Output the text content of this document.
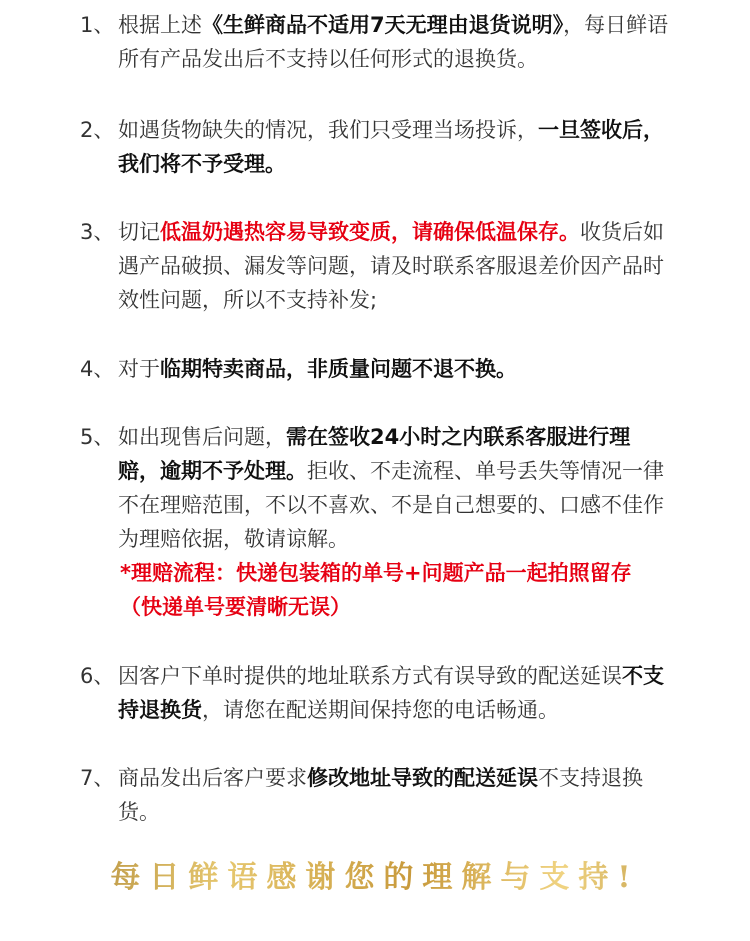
1、 根据上述《生鲜商品不适用7天无理由退货说明》，每日鲜语所有产品发出后不支持以任何形式的退换货。
2、 如遇货物缺失的情况，我们只受理当场投诉，一旦签收后，我们将不予受理。
3、 切记低温奶遇热容易导致变质，请确保低温保存。收货后如遇产品破损、漏发等问题，请及时联系客服退差价因产品时效性问题，所以不支持补发;
4、 对于临期特卖商品，非质量问题不退不换。
5、 如出现售后问题，需在签收24小时之内联系客服进行理赔，逾期不予处理。拒收、不走流程、单号丢失等情况一律不在理赔范围，不以不喜欢、不是自己想要的、口感不佳作为理赔依据，敬请谅解。
*理赔流程：快递包装箱的单号+问题产品一起拍照留存（快递单号要清晰无误）
6、 因客户下单时提供的地址联系方式有误导致的配送延误不支持退换货，请您在配送期间保持您的电话畅通。
7、 商品发出后客户要求修改地址导致的配送延误不支持退换货。
每日鲜语感谢您的理解与支持!
